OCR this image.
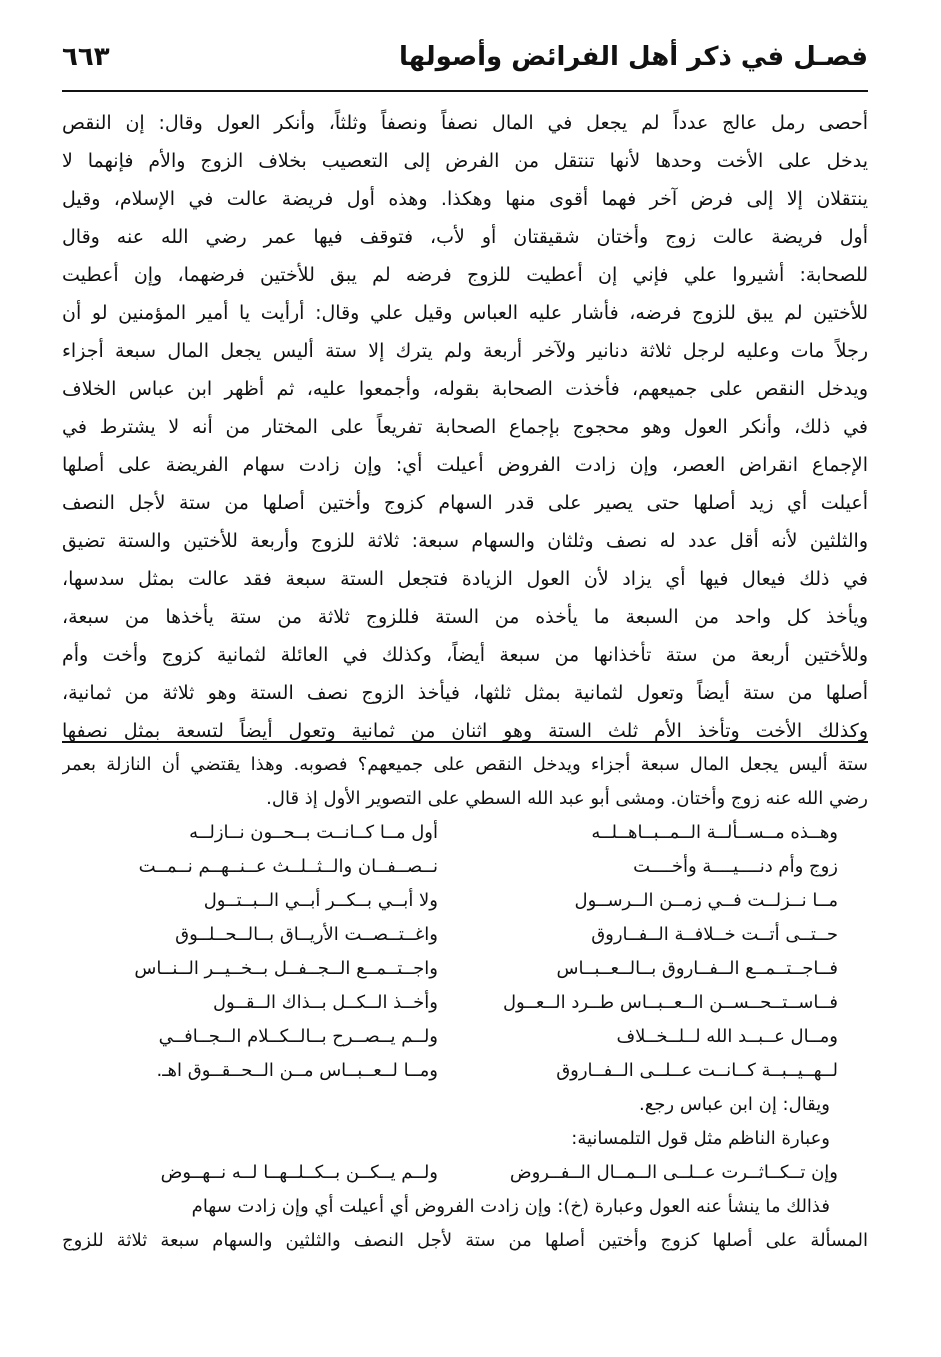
فصـل في ذكر أهل الفرائض وأصولها
٦٦٣
أحصى رمل عالج عدداً لم يجعل في المال نصفاً ونصفاً وثلثاً، وأنكر العول وقال: إن النقص
يدخل على الأخت وحدها لأنها تنتقل من الفرض إلى التعصيب بخلاف الزوج والأم فإنهما لا
ينتقلان إلا إلى فرض آخر فهما أقوى منها وهكذا. وهذه أول فريضة عالت في الإسلام، وقيل
أول فريضة عالت زوج وأختان شقيقتان أو لأب، فتوقف فيها عمر رضي الله عنه وقال
للصحابة: أشيروا علي فإني إن أعطيت للزوج فرضه لم يبق للأختين فرضهما، وإن أعطيت
للأختين لم يبق للزوج فرضه، فأشار عليه العباس وقيل علي وقال: أرأيت يا أمير المؤمنين لو أن
رجلاً مات وعليه لرجل ثلاثة دنانير ولآخر أربعة ولم يترك إلا ستة أليس يجعل المال سبعة أجزاء
ويدخل النقص على جميعهم، فأخذت الصحابة بقوله، وأجمعوا عليه، ثم أظهر ابن عباس الخلاف
في ذلك، وأنكر العول وهو محجوج بإجماع الصحابة تفريعاً على المختار من أنه لا يشترط في
الإجماع انقراض العصر، وإن زادت الفروض أعيلت أي: وإن زادت سهام الفريضة على أصلها
أعيلت أي زيد أصلها حتى يصير على قدر السهام كزوج وأختين أصلها من ستة لأجل النصف
والثلثين لأنه أقل عدد له نصف وثلثان والسهام سبعة: ثلاثة للزوج وأربعة للأختين والستة تضيق
في ذلك فيعال فيها أي يزاد لأن العول الزيادة فتجعل الستة سبعة فقد عالت بمثل سدسها،
ويأخذ كل واحد من السبعة ما يأخذه من الستة فللزوج ثلاثة من ستة يأخذها من سبعة،
وللأختين أربعة من ستة تأخذانها من سبعة أيضاً، وكذلك في العائلة لثمانية كزوج وأخت وأم
أصلها من ستة أيضاً وتعول لثمانية بمثل ثلثها، فيأخذ الزوج نصف الستة وهو ثلاثة من ثمانية،
وكذلك الأخت وتأخذ الأم ثلث الستة وهو اثنان من ثمانية وتعول أيضاً لتسعة بمثل نصفها
ستة أليس يجعل المال سبعة أجزاء ويدخل النقص على جميعهم؟ فصوبه. وهذا يقتضي أن النازلة بعمر
رضي الله عنه زوج وأختان. ومشى أبو عبد الله السطي على التصوير الأول إذ قال.
وهــذه مــســألــة الــمــبــاهــلــه
أول مــا كــانــت بــحــون نــازلــه
زوج وأم دنــــيــــة وأخــــت
نــصــفــان والــثــلــث عــنــهــم نــمــت
مــا نــزلــت فــي زمــن الــرســول
ولا أبــي بــكــر أبــي الــبــتــول
حــتــى أتــت خــلافــة الــفــاروق
واغــتــصــت الأريــاق بــالــحــلــوق
فــاجــتــمــع الــفــاروق بــالــعــبــاس
واجــتــمــع الــجــفــل بــخــيــر الــنــاس
فــاســتــحــســن الــعــبــاس طــرد الــعــول
وأخــذ الــكــل بــذاك الــقــول
ومــال عــبــد الله لــلــخــلاف
ولــم يــصــرح بــالــكــلام الــجــافــي
لــهــيــبــة كــانــت عــلــى الــفــاروق
ومــا لــعــبــاس مــن الــحــقــوق اهـ.
ويقال: إن ابن عباس رجع.
وعبارة الناظم مثل قول التلمسانية:
وإن تــكــاثــرت عــلــى الــمــال الــفــروض
ولــم يــكــن بــكــلــهــا لــه نــهــوض
فذالك ما ينشأ عنه العول وعبارة (خ): وإن زادت الفروض أي أعيلت أي وإن زادت سهام
المسألة على أصلها كزوج وأختين أصلها من ستة لأجل النصف والثلثين والسهام سبعة ثلاثة للزوج
